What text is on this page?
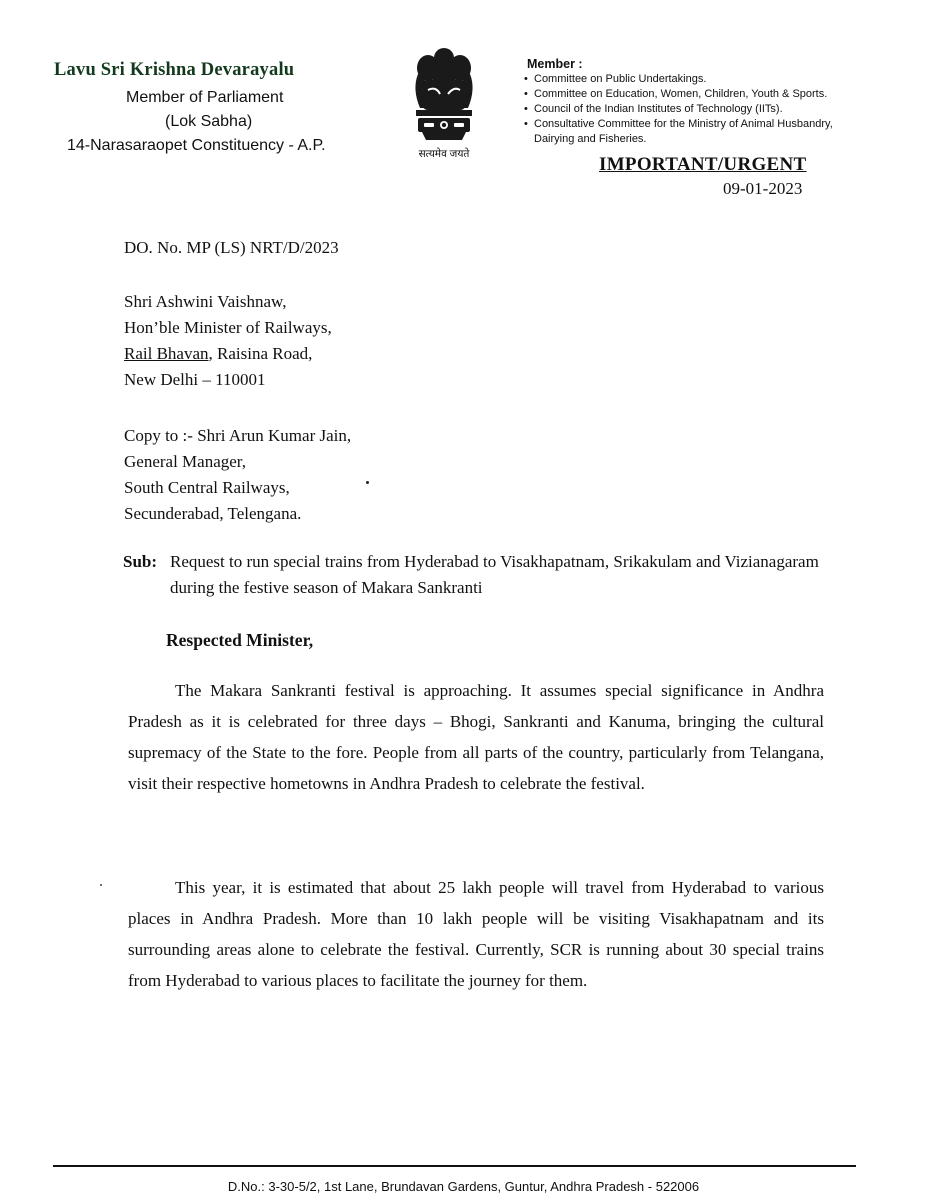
Lavu Sri Krishna Devarayalu
Member of Parliament
(Lok Sabha)
14-Narasaraopet Constituency - A.P.
सत्यमेव जयते
Member :
• Committee on Public Undertakings.
• Committee on Education, Women, Children, Youth & Sports.
• Council of the Indian Institutes of Technology (IITs).
• Consultative Committee for the Ministry of Animal Husbandry, Dairying and Fisheries.
IMPORTANT/URGENT
09-01-2023
DO. No. MP (LS) NRT/D/2023
Shri Ashwini Vaishnaw,
Hon’ble Minister of Railways,
Rail Bhavan, Raisina Road,
New Delhi – 110001
Copy to :- Shri Arun Kumar Jain,
General Manager,
South Central Railways,
Secunderabad, Telengana.
Sub: Request to run special trains from Hyderabad to Visakhapatnam, Srikakulam and Vizianagaram during the festive season of Makara Sankranti
Respected Minister,
The Makara Sankranti festival is approaching. It assumes special significance in Andhra Pradesh as it is celebrated for three days – Bhogi, Sankranti and Kanuma, bringing the cultural supremacy of the State to the fore. People from all parts of the country, particularly from Telangana, visit their respective hometowns in Andhra Pradesh to celebrate the festival.
This year, it is estimated that about 25 lakh people will travel from Hyderabad to various places in Andhra Pradesh. More than 10 lakh people will be visiting Visakhapatnam and its surrounding areas alone to celebrate the festival. Currently, SCR is running about 30 special trains from Hyderabad to various places to facilitate the journey for them.
D.No.: 3-30-5/2, 1st Lane, Brundavan Gardens, Guntur, Andhra Pradesh - 522006
